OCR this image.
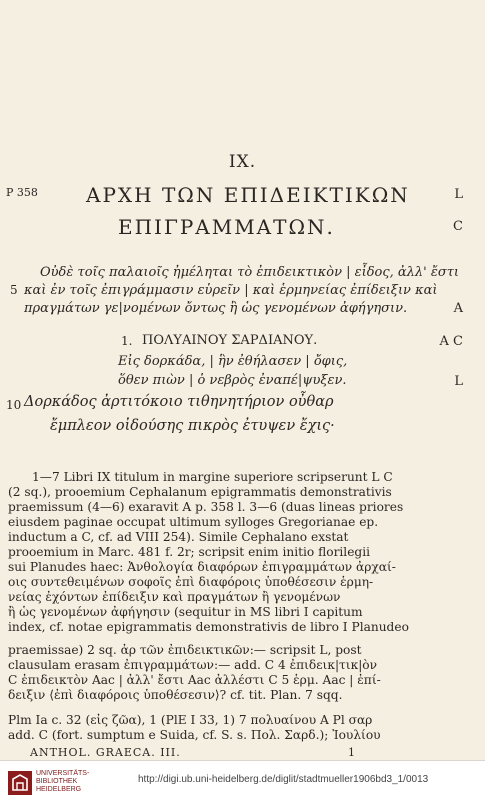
IX.
P 358 ΑΡΧΗ ΤΩΝ ΕΠΙΔΕΙΚΤΙΚΩΝ	L
ΕΠΙΓΡΑΜΜΑΤΩΝ.	C
Οὐδὲ τοῖς παλαιοῖς ἠμέληται τὸ ἐπιδεικτικὸν | εἶδος, ἀλλ' ἔστι
5 καὶ ἐν τοῖς ἐπιγράμμασιν εὑρεῖν | καὶ ἑρμηνείας ἐπίδειξιν καὶ
πραγμάτων γε|νομένων ὄντως ἢ ὡς γενομένων ἀφήγησιν.	A
1. ΠΟΛΥΑΙΝΟΥ ΣΑΡΔΙΑΝΟΥ.	A C
Εἰς δορκάδα, | ἣν ἐθήλασεν | ὄφις,
ὅθεν πιὼν | ὁ νεβρὸς ἐναπέ|ψυξεν.	L
10 Δορκάδος ἀρτιτόκοιο τιθηνητήριον οὖθαρ
ἔμπλεον οἰδούσης πικρὸς ἐτυψεν ἔχις·
1—7 Libri IX titulum in margine superiore scripserunt L C
(2 sq.), prooemium Cephalanum epigrammatis demonstrativis
praemissum (4—6) exaravit A p. 358 l. 3—6 (duas lineas priores
eiusdem paginae occupat ultimum sylloges Gregorianae ep.
inductum a C, cf. ad VIII 254). Simile Cephalano exstat
prooemium in Marc. 481 f. 2r; scripsit enim initio florilegii
sui Planudes haec: Ἀνθολογία διαφόρων ἐπιγραμμάτων ἀρχαί-
οις συντεθειμένων σοφοῖς ἐπὶ διαφόροις ὑποθέσεσιν ἑρμη-
νείας ἐχόντων ἐπίδειξιν καὶ πραγμάτων ἢ γενομένων
ἢ ὡς γενομένων ἀφήγησιν (sequitur in MS libri I capitum
index, cf. notae epigrammatis demonstrativis de libro I Planudeo
praemissae) 2 sq. ἀρ τῶν ἐπιδεικτικῶν:— scripsit L, post
clausulam erasam ἐπιγραμμάτων:— add. C 4 ἐπιδεικ|τικ|ὸν
C ἐπιδεικτὸν Aac | ἀλλ' ἔστι Aac ἀλλέστι C 5 ἑρμ. Aac | ἐπί-
δειξιν ⟨ἐπὶ διαφόροις ὑποθέσεσιν⟩? cf. tit. Plan. 7 sqq.
Plm Ia c. 32 (εἰς ζῶα), 1 (PlE I 33, 1) 7 πολυαίνου A Pl σαρ
add. C (fort. sumptum e Suida, cf. S. s. Πολ. Σαρδ.); Ἰουλίου
ANTHOL. GRAECA. III.	1
UNIVERSITÄTS-
BIBLIOTHEK
HEIDELBERG
http://digi.ub.uni-heidelberg.de/diglit/stadtmueller1906bd3_1/0013
